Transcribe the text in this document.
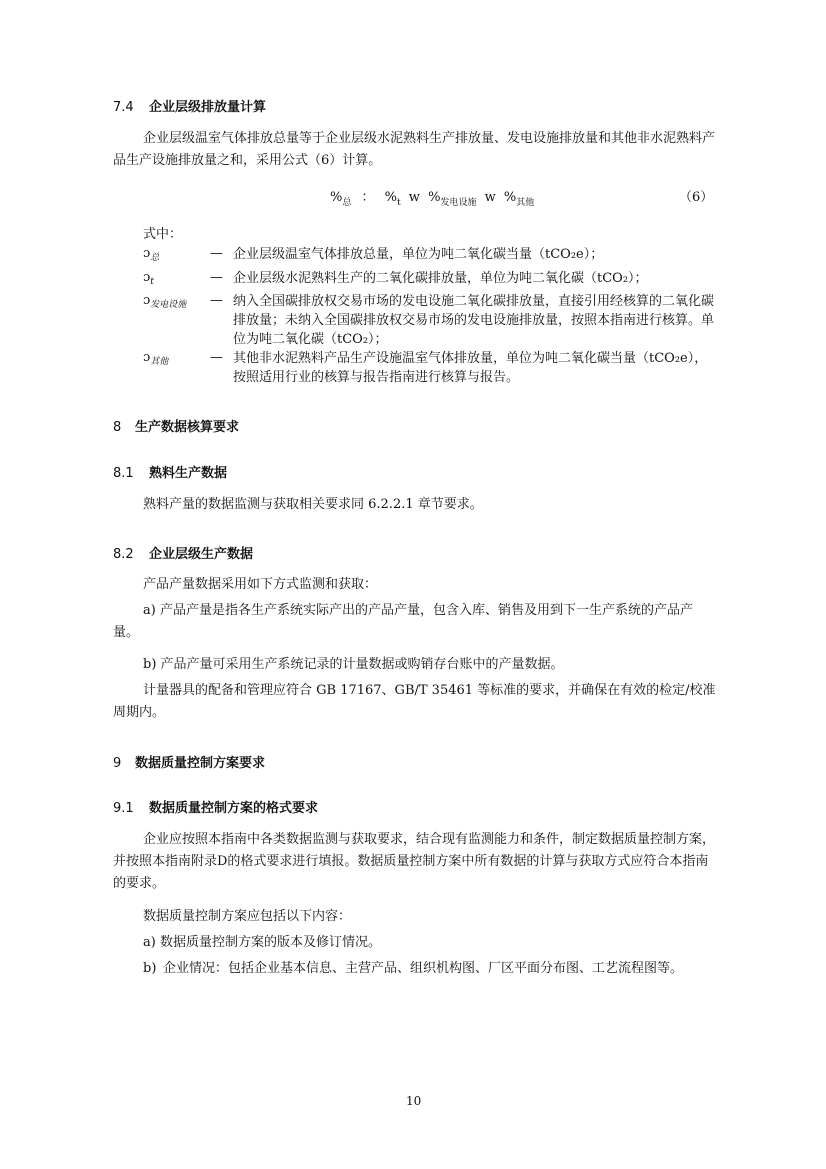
7.4 企业层级排放量计算
企业层级温室气体排放总量等于企业层级水泥熟料生产排放量、发电设施排放量和其他非水泥熟料产品生产设施排放量之和，采用公式（6）计算。
$\%_总$ ： $\%_t$ w $\%_{发电设施}$ w $\%_{其他}$	（6）
式中：
ɔ$_总$	— 企业层级温室气体排放总量，单位为吨二氧化碳当量（tCO₂e）；
ɔ$_t$	— 企业层级水泥熟料生产的二氧化碳排放量，单位为吨二氧化碳（tCO₂）；
ɔ$_{发电设施}$ — 纳入全国碳排放权交易市场的发电设施二氧化碳排放量，直接引用经核算的二氧化碳排放量；未纳入全国碳排放权交易市场的发电设施排放量，按照本指南进行核算。单位为吨二氧化碳（tCO₂）；
ɔ$_{其他}$	— 其他非水泥熟料产品生产设施温室气体排放量，单位为吨二氧化碳当量（tCO₂e），按照适用行业的核算与报告指南进行核算与报告。
8 生产数据核算要求
8.1 熟料生产数据
熟料产量的数据监测与获取相关要求同 6.2.2.1 章节要求。
8.2 企业层级生产数据
产品产量数据采用如下方式监测和获取：
a) 产品产量是指各生产系统实际产出的产品产量，包含入库、销售及用到下一生产系统的产品产量。
b) 产品产量可采用生产系统记录的计量数据或购销存台账中的产量数据。
计量器具的配备和管理应符合 GB 17167、GB/T 35461 等标准的要求，并确保在有效的检定/校准周期内。
9 数据质量控制方案要求
9.1 数据质量控制方案的格式要求
企业应按照本指南中各类数据监测与获取要求，结合现有监测能力和条件，制定数据质量控制方案，并按照本指南附录D的格式要求进行填报。数据质量控制方案中所有数据的计算与获取方式应符合本指南的要求。
数据质量控制方案应包括以下内容：
a) 数据质量控制方案的版本及修订情况。
b) 企业情况：包括企业基本信息、主营产品、组织机构图、厂区平面分布图、工艺流程图等。
10
